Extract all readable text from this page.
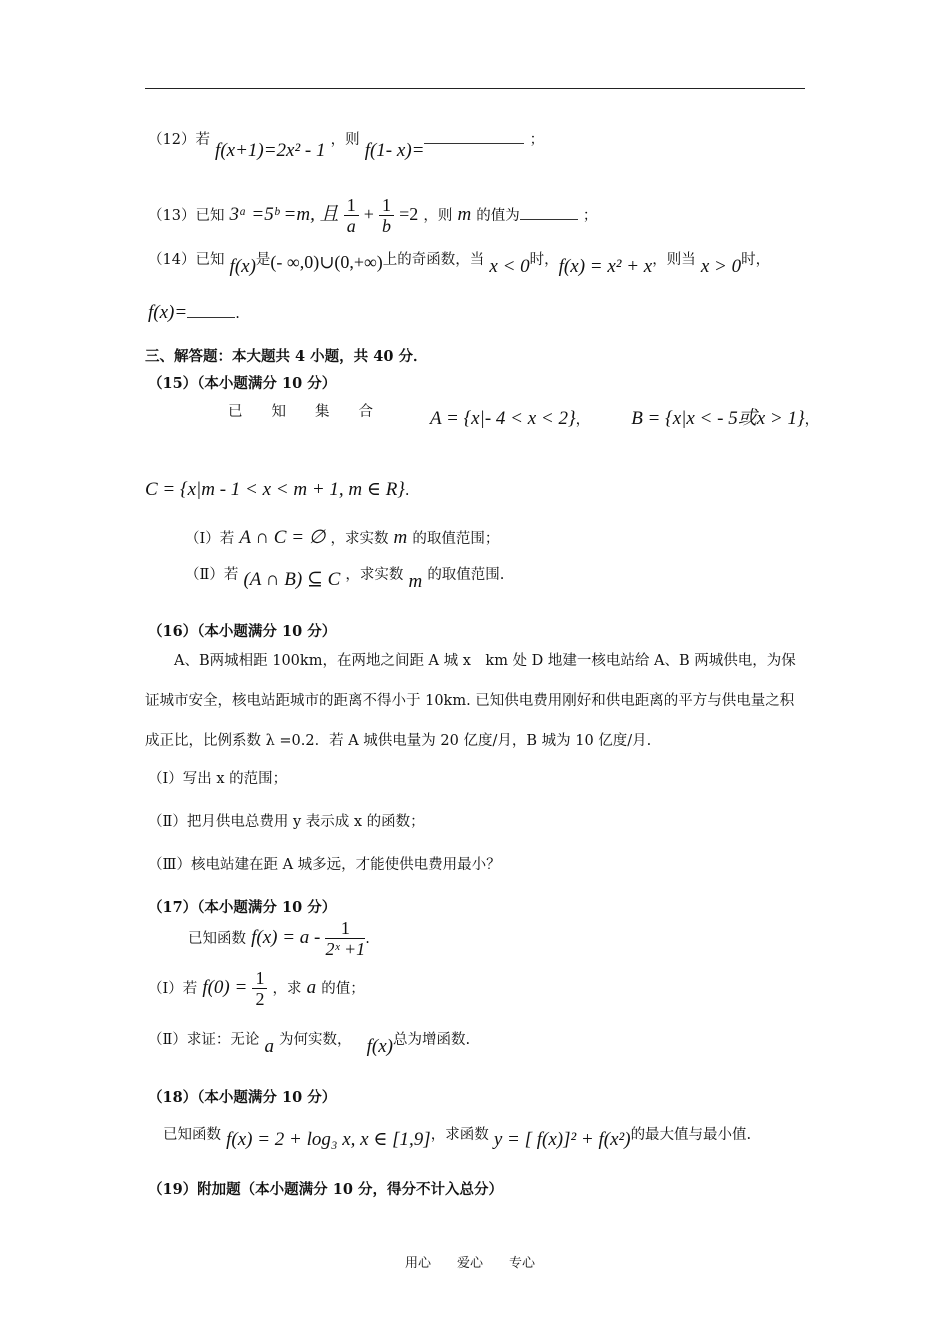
（12）若 f(x+1)=2x² - 1 ，则 f(1- x)=	；
（13）已知 3ᵃ =5ᵇ =m, 且 $\frac{1}{a} + \frac{1}{b} =2$ ，则 m 的值为	；
（14）已知 f(x)是(- ∞,0)∪(0,+∞)上的奇函数，当 x < 0时，f(x) = x² + x，则当 x > 0时，
f(x)=	.
三、解答题：本大题共 4 小题，共 40 分．
（15）（本小题满分 10 分）
已　　知　　集　　合	A = {x|- 4 < x < 2}， B = {x|x < - 5或x > 1}，
C = {x|m - 1 < x < m + 1, m ∈ R}.
（Ⅰ）若 A ∩ C = ∅ ，求实数 m 的取值范围；
（Ⅱ）若 (A ∩ B) ⊆ C ，求实数 m 的取值范围.
（16）（本小题满分 10 分）
A、B两城相距 100km，在两地之间距 A 城 x　km 处 D 地建一核电站给 A、B 两城供电，为保证城市安全，核电站距城市的距离不得小于 10km. 已知供电费用刚好和供电距离的平方与供电量之积成正比，比例系数 λ =0.2．若 A 城供电量为 20 亿度/月，B 城为 10 亿度/月.
（Ⅰ）写出 x 的范围；
（Ⅱ）把月供电总费用 y 表示成 x 的函数；
（Ⅲ）核电站建在距 A 城多远，才能使供电费用最小？
（17）（本小题满分 10 分）
已知函数 $f(x) = a - \frac{1}{\text{2ˣ +1}}$ .
（Ⅰ）若 $f(0) = \frac{1}{2}$ ，求 a 的值；
（Ⅱ）求证：无论 a 为何实数， f(x)总为增函数.
（18）（本小题满分 10 分）
已知函数 f(x) = 2 + log₃ x, x ∈ [1,9]，求函数 y = [ f(x)]² + f(x²)的最大值与最小值.
（19）附加题（本小题满分 10 分，得分不计入总分）
用心　　爱心　　专心
